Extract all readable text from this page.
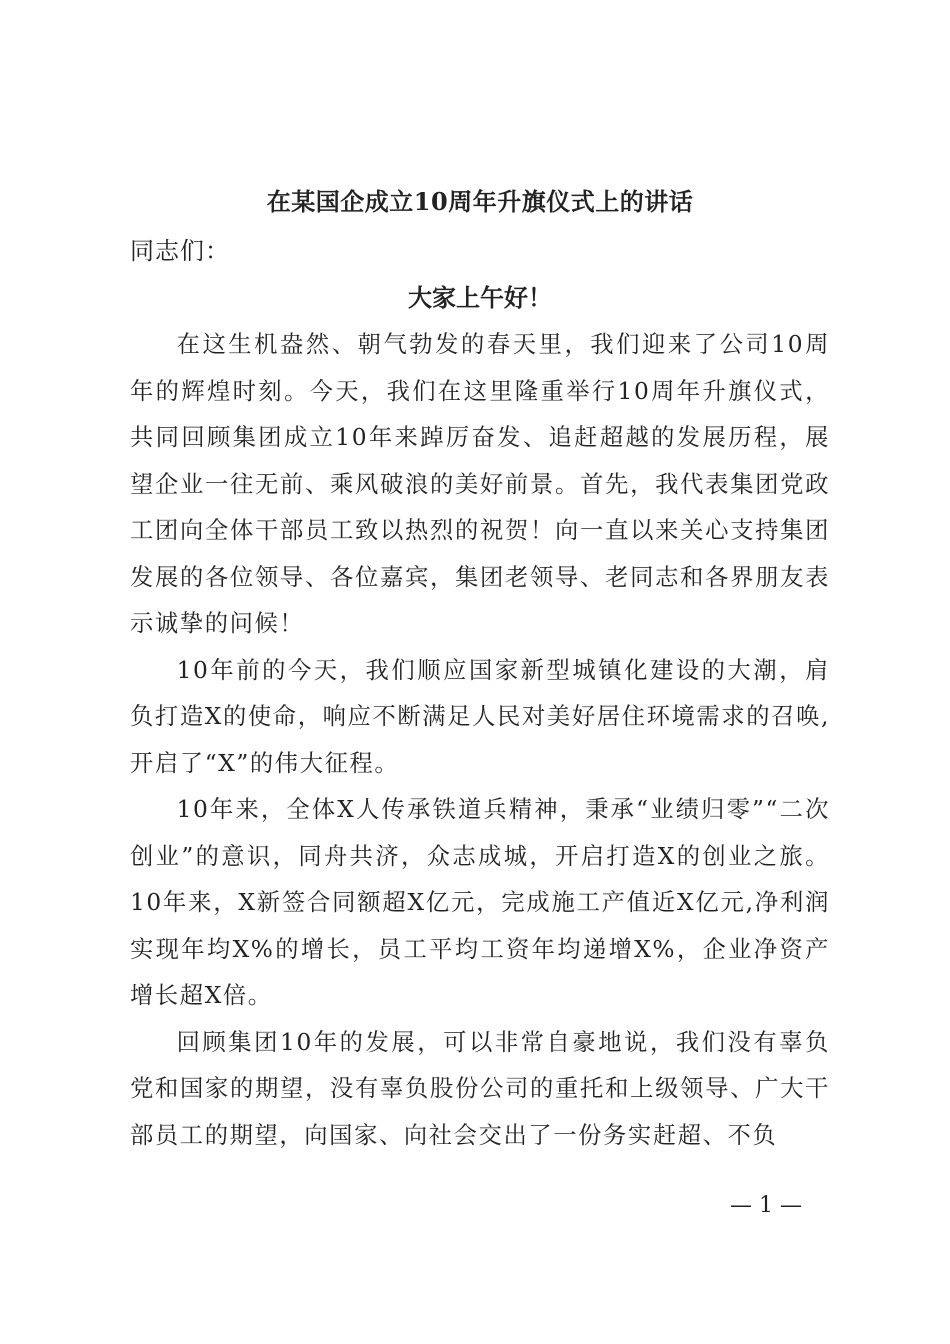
在某国企成立10周年升旗仪式上的讲话
同志们：
大家上午好！

在这生机盎然、朝气勃发的春天里，我们迎来了公司10周年的辉煌时刻。今天，我们在这里隆重举行10周年升旗仪式，共同回顾集团成立10年来踔厉奋发、追赶超越的发展历程，展望企业一往无前、乘风破浪的美好前景。首先，我代表集团党政工团向全体干部员工致以热烈的祝贺！向一直以来关心支持集团发展的各位领导、各位嘉宾，集团老领导、老同志和各界朋友表示诚挚的问候！

10年前的今天，我们顺应国家新型城镇化建设的大潮，肩负打造X的使命，响应不断满足人民对美好居住环境需求的召唤,开启了“X”的伟大征程。

10年来，全体X人传承铁道兵精神，秉承“业绩归零”“二次创业”的意识，同舟共济，众志成城，开启打造X的创业之旅。10年来，X新签合同额超X亿元，完成施工产值近X亿元,净利润实现年均X%的增长，员工平均工资年均递增X%，企业净资产增长超X倍。

回顾集团10年的发展，可以非常自豪地说，我们没有辜负党和国家的期望，没有辜负股份公司的重托和上级领导、广大干部员工的期望，向国家、向社会交出了一份务实赶超、不负

— 1 —
